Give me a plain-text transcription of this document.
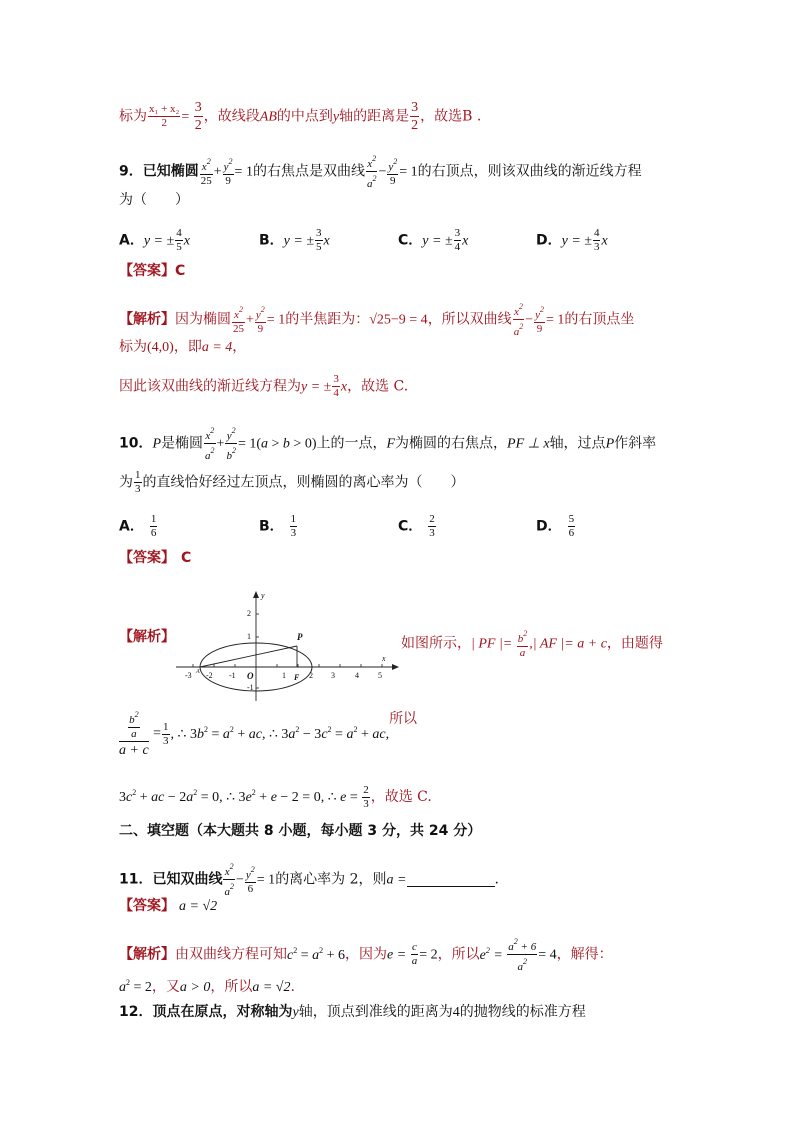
标为 $\frac{\text{x₁ + x₂}}{2} = \frac{3}{2}$ ，故线段AB的中点到y轴的距离是 $\frac{3}{2}$ ，故选B .
9．已知椭圆 $\frac{x^2}{25} + \frac{y^2}{9} = 1$的右焦点是双曲线 $\frac{x^2}{a^2} - \frac{y^2}{9} = 1$的右顶点，则该双曲线的渐近线方程
为（　　）
A．y = ± $\frac{4}{5}$ x	B．y = ± $\frac{3}{5}$ x	C．y = ± $\frac{3}{4}$ x	D．y = ± $\frac{4}{3}$ x
【答案】C
【解析】因为椭圆 $\frac{x^2}{25} + \frac{y^2}{9} = 1$的半焦距为：√25−9 = 4，所以双曲线 $\frac{x^2}{a^2} - \frac{y^2}{9} = 1$的右顶点坐
标为(4,0)，即a = 4，
因此该双曲线的渐近线方程为y = ± $\frac{3}{4}$ x，故选 C.
10．P是椭圆 $\frac{x^2}{a^2} + \frac{y^2}{b^2} = 1(a > b > 0)$上的一点，F为椭圆的右焦点，PF ⊥ x轴，过点P作斜率
为 $\frac{1}{3}$ 的直线恰好经过左顶点，则椭圆的离心率为（　　）
A． $\frac{1}{6}$	B． $\frac{1}{3}$	C． $\frac{2}{3}$	D． $\frac{5}{6}$
【答案】 C
【解析】
-3 -2 -1	1	2 3	4 5
2
1
-1
y
x
P
F
A	O
如图所示，| PF |= $\frac{b^2}{a}$ ,| AF |= a + c，由题得
$\frac{\frac{b^2}{a}}{a + c} = \frac{1}{3}$ , ∴ $3b^2 = a^2$ + ac, ∴ $3a^2 - 3c^2 = a^2$ + ac,所以
$3c^2$ + ac − $2a^2 = 0$, ∴ $3e^2 + e - 2 = 0$, ∴ $e = \frac{2}{3}$ ，故选 C.
二、填空题（本大题共 8 小题，每小题 3 分，共 24 分）
11．已知双曲线 $\frac{x^2}{a^2} - \frac{y^2}{6} = 1$的离心率为 2，则a =	.
【答案】 a = √2
【解析】由双曲线方程可知$c^2 = a^2 + 6$，因为$e = \frac{c}{a} = 2$，所以$e^2 = \frac{a^2 + 6}{a^2} = 4$，解得：
$a^2 = 2$，又a > 0，所以a = √2.
12．顶点在原点，对称轴为y轴，顶点到准线的距离为4的抛物线的标准方程
